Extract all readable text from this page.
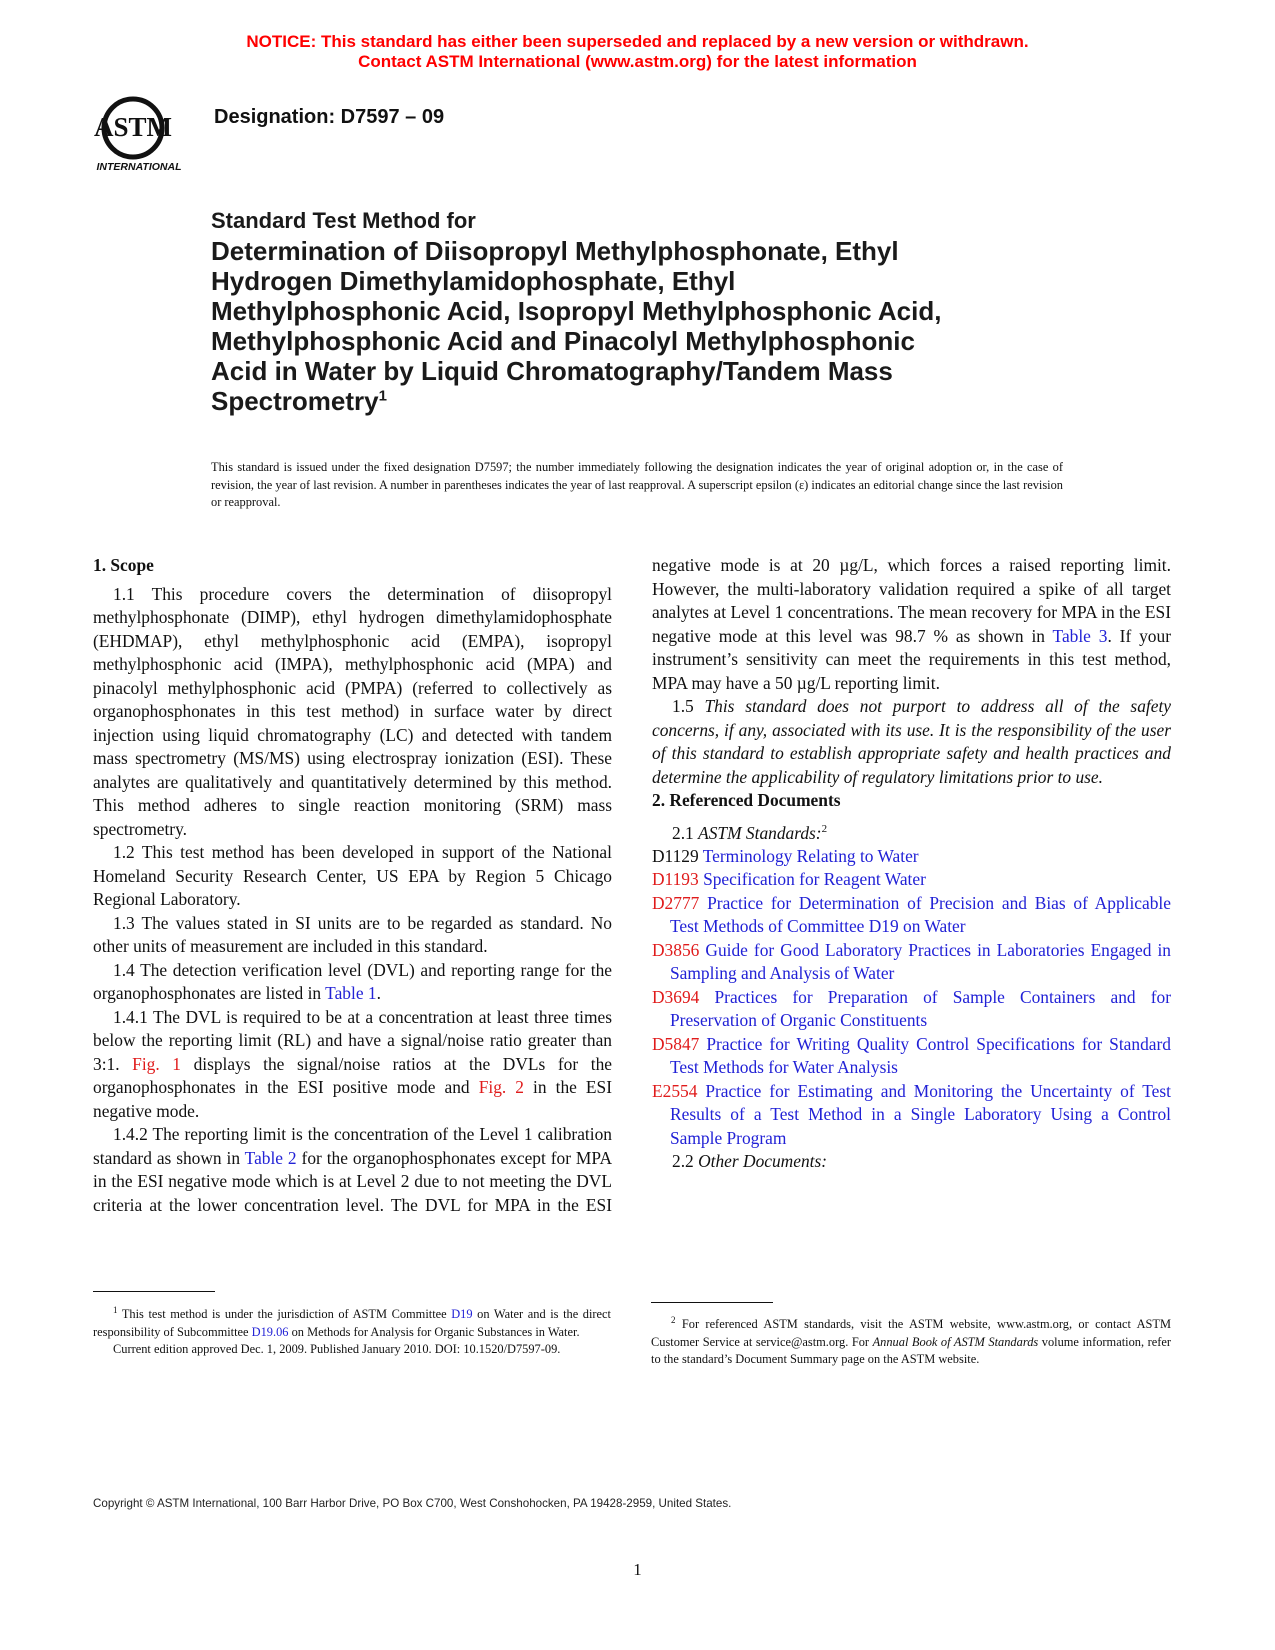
NOTICE: This standard has either been superseded and replaced by a new version or withdrawn.
Contact ASTM International (www.astm.org) for the latest information
ASTM
INTERNATIONAL
Designation: D7597 – 09
Standard Test Method for
Determination of Diisopropyl Methylphosphonate, Ethyl
Hydrogen Dimethylamidophosphate, Ethyl
Methylphosphonic Acid, Isopropyl Methylphosphonic Acid,
Methylphosphonic Acid and Pinacolyl Methylphosphonic
Acid in Water by Liquid Chromatography/Tandem Mass
Spectrometry$^1$
This standard is issued under the fixed designation D7597; the number immediately following the designation indicates the year of original adoption or, in the case of revision, the year of last revision. A number in parentheses indicates the year of last reapproval. A superscript epsilon (ε) indicates an editorial change since the last revision or reapproval.

$^1$ This test method is under the jurisdiction of ASTM Committee D19 on Water and is the direct responsibility of Subcommittee D19.06 on Methods for Analysis for Organic Substances in Water.

Current edition approved Dec. 1, 2009. Published January 2010. DOI: 10.1520/D7597-09.

$^2$ For referenced ASTM standards, visit the ASTM website, www.astm.org, or contact ASTM Customer Service at service@astm.org. For Annual Book of ASTM Standards volume information, refer to the standard’s Document Summary page on the ASTM website.

Copyright © ASTM International, 100 Barr Harbor Drive, PO Box C700, West Conshohocken, PA 19428-2959, United States.
1

1. Scope

1.1 This procedure covers the determination of diisopropyl methylphosphonate (DIMP), ethyl hydrogen dimethylamidophosphate (EHDMAP), ethyl methylphosphonic acid (EMPA), isopropyl methylphosphonic acid (IMPA), methylphosphonic acid (MPA) and pinacolyl methylphosphonic acid (PMPA) (referred to collectively as organophosphonates in this test method) in surface water by direct injection using liquid chromatography (LC) and detected with tandem mass spectrometry (MS/MS) using electrospray ionization (ESI). These analytes are qualitatively and quantitatively determined by this method. This method adheres to single reaction monitoring (SRM) mass spectrometry.

1.2 This test method has been developed in support of the National Homeland Security Research Center, US EPA by Region 5 Chicago Regional Laboratory.

1.3 The values stated in SI units are to be regarded as standard. No other units of measurement are included in this standard.

1.4 The detection verification level (DVL) and reporting range for the organophosphonates are listed in Table 1.

1.4.1 The DVL is required to be at a concentration at least three times below the reporting limit (RL) and have a signal/noise ratio greater than 3:1. Fig. 1 displays the signal/noise ratios at the DVLs for the organophosphonates in the ESI positive mode and Fig. 2 in the ESI negative mode.

1.4.2 The reporting limit is the concentration of the Level 1 calibration standard as shown in Table 2 for the organophosphonates except for MPA in the ESI negative mode which is at Level 2 due to not meeting the DVL criteria at the lower concentration level. The DVL for MPA in the ESI negative mode is at 20 µg/L, which forces a raised reporting limit. However, the multi-laboratory validation required a spike of all target analytes at Level 1 concentrations. The mean recovery for MPA in the ESI negative mode at this level was 98.7 % as shown in Table 3. If your instrument’s sensitivity can meet the requirements in this test method, MPA may have a 50 µg/L reporting limit.

1.5 This standard does not purport to address all of the safety concerns, if any, associated with its use. It is the responsibility of the user of this standard to establish appropriate safety and health practices and determine the applicability of regulatory limitations prior to use.

2. Referenced Documents

2.1 ASTM Standards:$^2$

D1129 Terminology Relating to Water

D1193 Specification for Reagent Water

D2777 Practice for Determination of Precision and Bias of Applicable Test Methods of Committee D19 on Water

D3856 Guide for Good Laboratory Practices in Laboratories Engaged in Sampling and Analysis of Water

D3694 Practices for Preparation of Sample Containers and for Preservation of Organic Constituents

D5847 Practice for Writing Quality Control Specifications for Standard Test Methods for Water Analysis

E2554 Practice for Estimating and Monitoring the Uncertainty of Test Results of a Test Method in a Single Laboratory Using a Control Sample Program

2.2 Other Documents:
